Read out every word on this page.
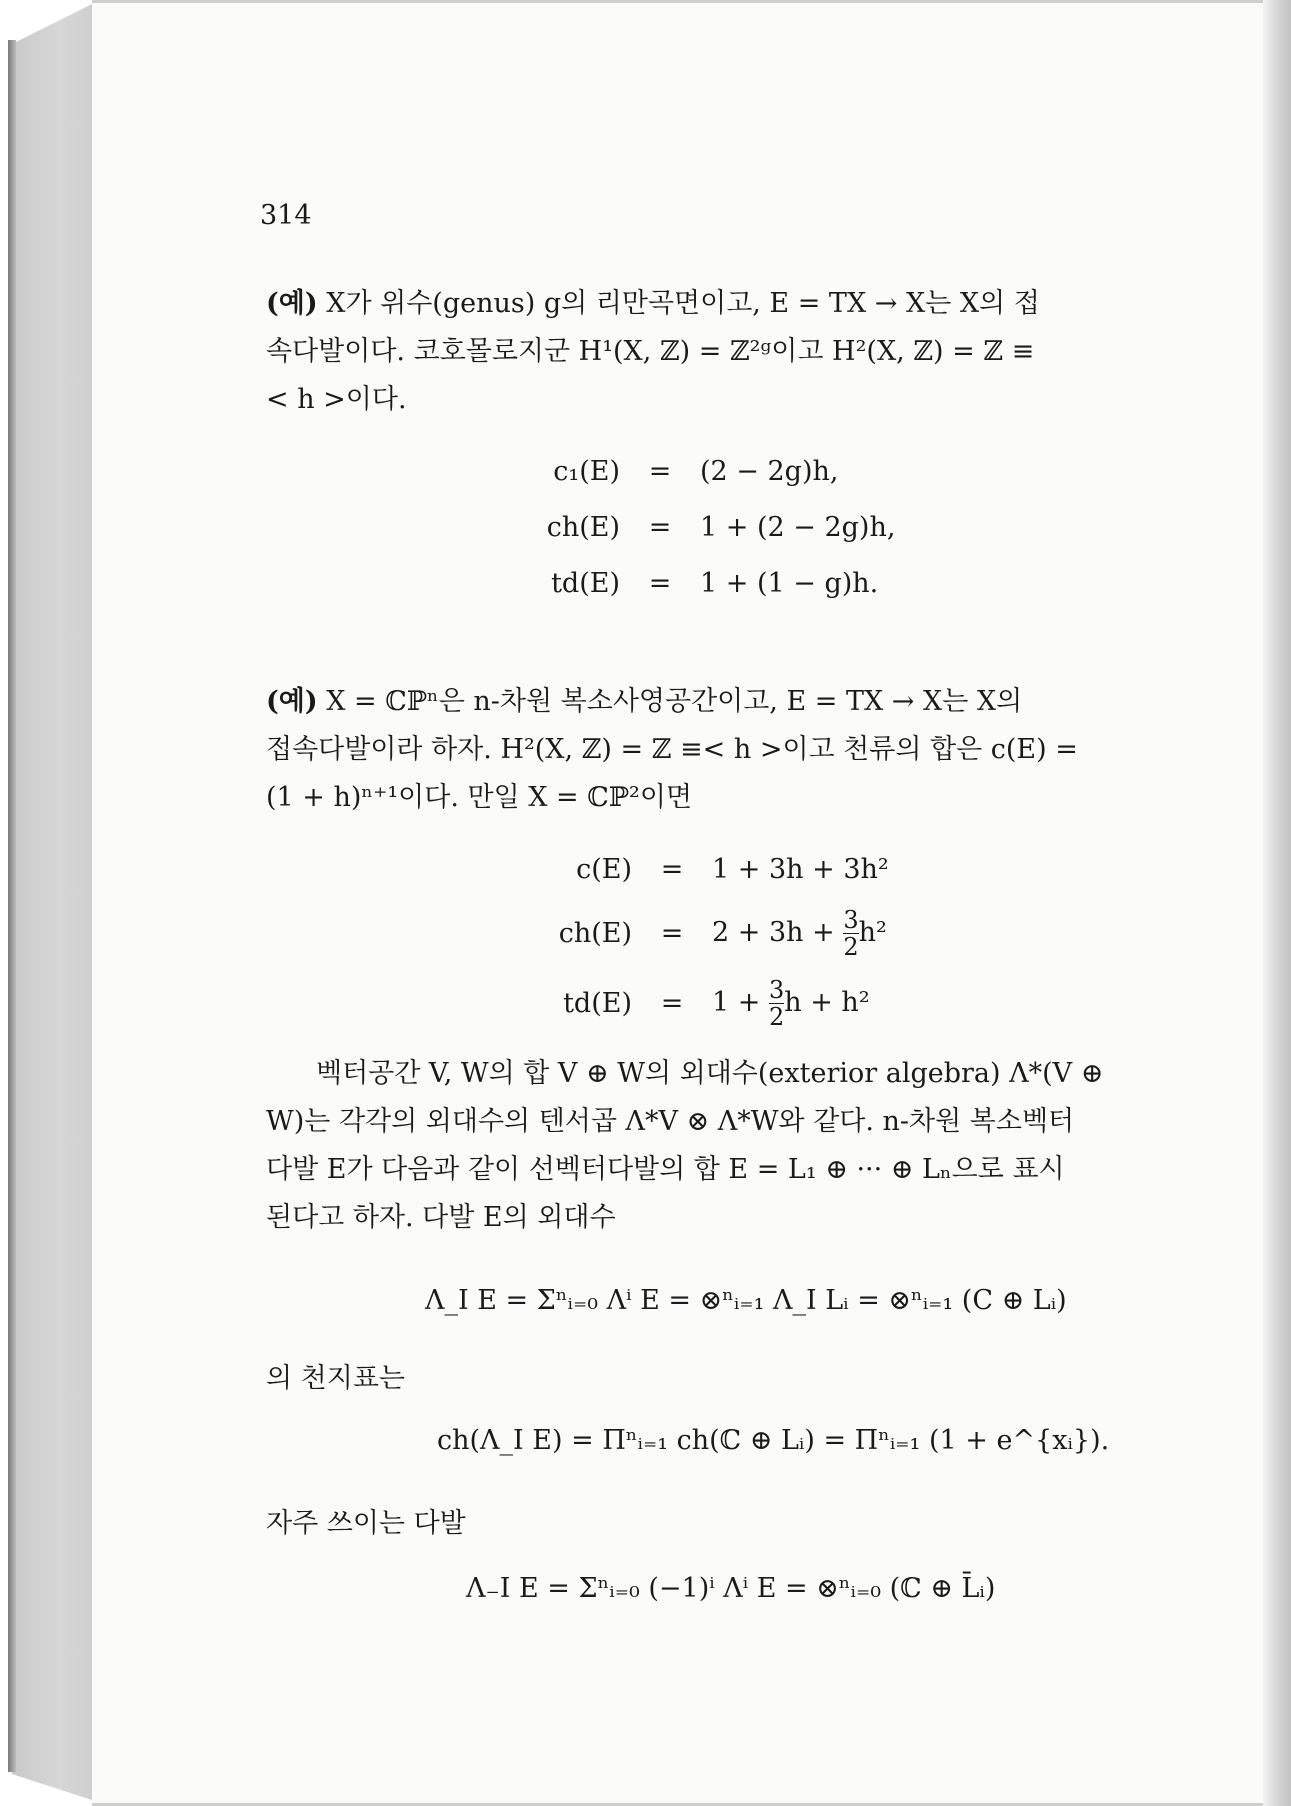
314
(예) X가 위수(genus) g의 리만곡면이고, E = TX → X는 X의 접
속다발이다. 코호몰로지군 H¹(X, ℤ) = ℤ²ᵍ이고 H²(X, ℤ) = ℤ ≡
< h >이다.
c₁(E)	=	(2 − 2g)h,
ch(E)	=	1 + (2 − 2g)h,
td(E)	=	1 + (1 − g)h.
(예) X = ℂℙⁿ은 n-차원 복소사영공간이고, E = TX → X는 X의
접속다발이라 하자. H²(X, ℤ) = ℤ ≡< h >이고 천류의 합은 c(E) =
(1 + h)ⁿ⁺¹이다. 만일 X = ℂℙ²이면
c(E)	=	1 + 3h + 3h²
ch(E)	=	$2 + 3h + \frac{3}{2} h^2$
td(E)	=	$1 + \frac{3}{2}$ h + h²
벡터공간 V, W의 합 V ⊕ W의 외대수(exterior algebra) Λ*(V ⊕
W)는 각각의 외대수의 텐서곱 Λ*V ⊗ Λ*W와 같다. n-차원 복소벡터
다발 E가 다음과 같이 선벡터다발의 합 E = L₁ ⊕ ··· ⊕ Lₙ으로 표시
된다고 하자. 다발 E의 외대수
Λ_I E = Σⁿᵢ₌₀ Λⁱ E = ⊗ⁿᵢ₌₁ Λ_I Lᵢ = ⊗ⁿᵢ₌₁ (C ⊕ Lᵢ)
의 천지표는
ch(Λ_I E) = Πⁿᵢ₌₁ ch(ℂ ⊕ Lᵢ) = Πⁿᵢ₌₁ (1 + e^{xᵢ}).
자주 쓰이는 다발
Λ₋I E = Σⁿᵢ₌₀ (−1)ⁱ Λⁱ E = ⊗ⁿᵢ₌₀ (ℂ ⊕ L̄ᵢ)
